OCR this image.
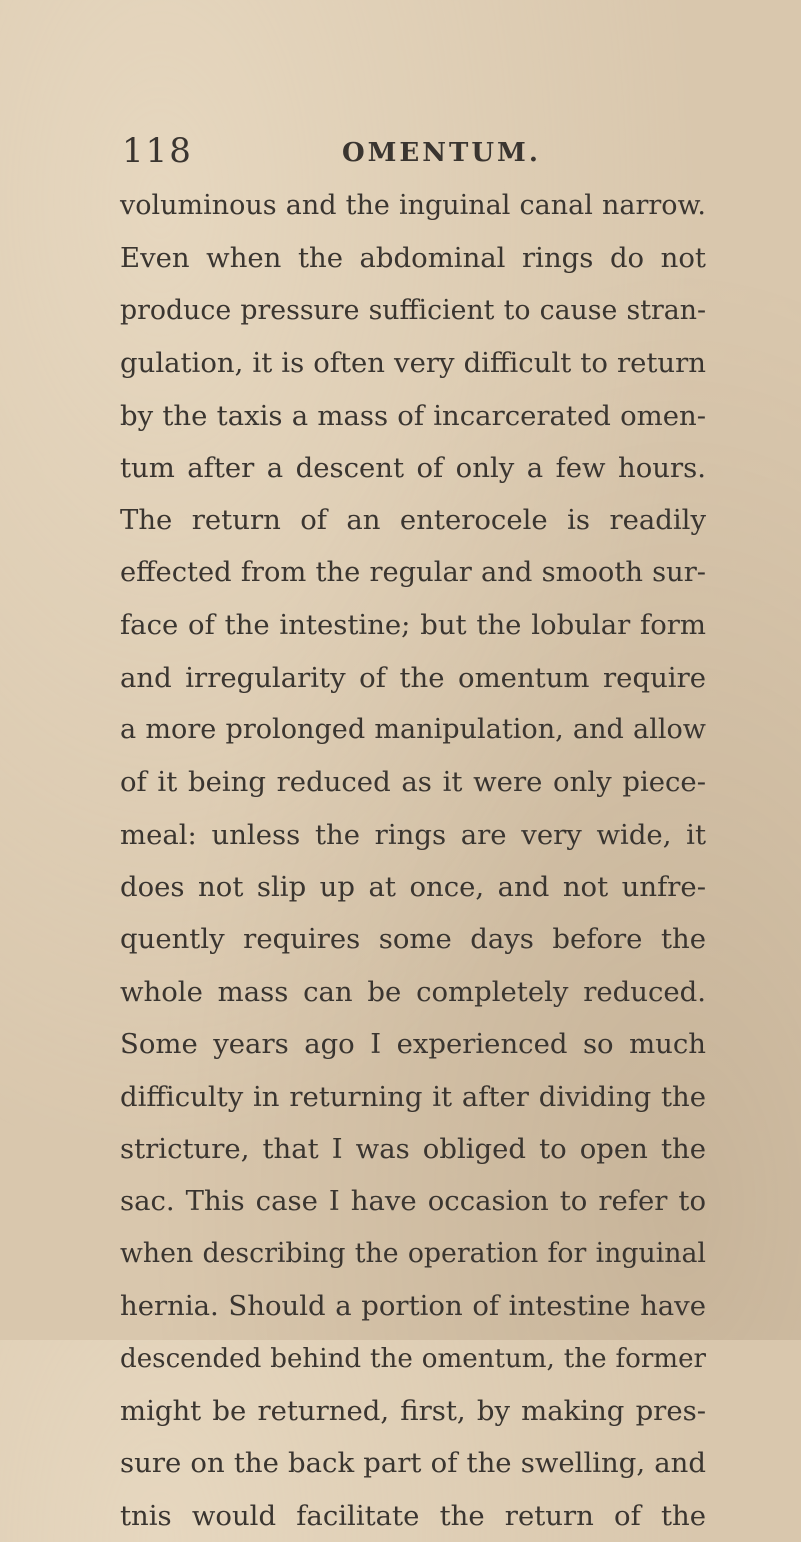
118	OMENTUM.
voluminous and the inguinal canal narrow.
Even when the abdominal rings do not
produce pressure sufficient to cause stran-
gulation, it is often very difficult to return
by the taxis a mass of incarcerated omen-
tum after a descent of only a few hours.
The return of an enterocele is readily
effected from the regular and smooth sur-
face of the intestine; but the lobular form
and irregularity of the omentum require
a more prolonged manipulation, and allow
of it being reduced as it were only piece-
meal: unless the rings are very wide, it
does not slip up at once, and not unfre-
quently requires some days before the
whole mass can be completely reduced.
Some years ago I experienced so much
difficulty in returning it after dividing the
stricture, that I was obliged to open the
sac. This case I have occasion to refer to
when describing the operation for inguinal
hernia. Should a portion of intestine have
descended behind the omentum, the former
might be returned, first, by making pres-
sure on the back part of the swelling, and
tnis would facilitate the return of the
